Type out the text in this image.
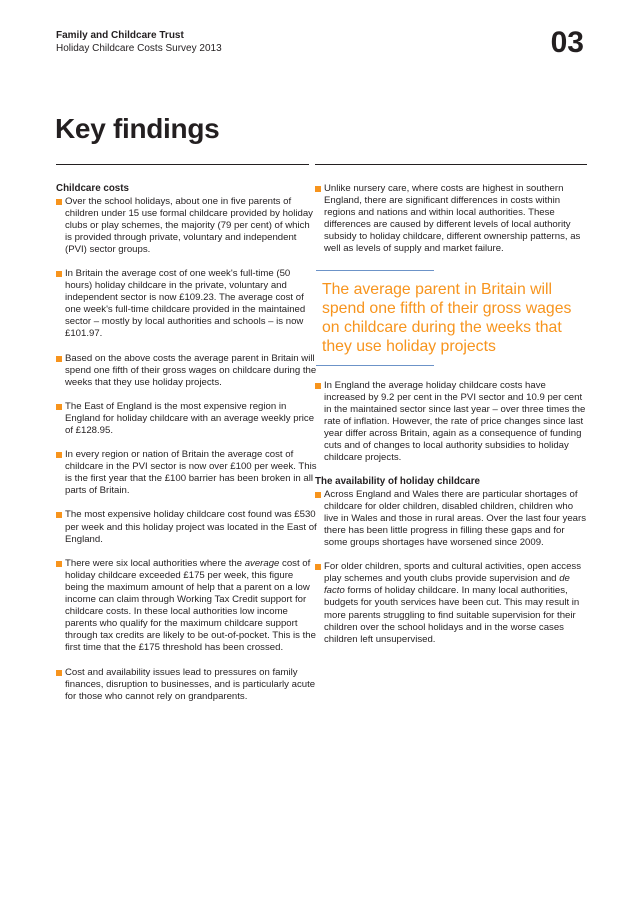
Family and Childcare Trust
Holiday Childcare Costs Survey 2013	03
Key findings
Childcare costs
Over the school holidays, about one in five parents of children under 15 use formal childcare provided by holiday clubs or play schemes, the majority (79 per cent) of which is provided through private, voluntary and independent (PVI) sector groups.
In Britain the average cost of one week's full-time (50 hours) holiday childcare in the private, voluntary and independent sector is now £109.23. The average cost of one week's full-time childcare provided in the maintained sector – mostly by local authorities and schools – is now £101.97.
Based on the above costs the average parent in Britain will spend one fifth of their gross wages on childcare during the weeks that they use holiday projects.
The East of England is the most expensive region in England for holiday childcare with an average weekly price of £128.95.
In every region or nation of Britain the average cost of childcare in the PVI sector is now over £100 per week. This is the first year that the £100 barrier has been broken in all parts of Britain.
The most expensive holiday childcare cost found was £530 per week and this holiday project was located in the East of England.
There were six local authorities where the average cost of holiday childcare exceeded £175 per week, this figure being the maximum amount of help that a parent on a low income can claim through Working Tax Credit support for childcare costs. In these local authorities low income parents who qualify for the maximum childcare support through tax credits are likely to be out-of-pocket. This is the first time that the £175 threshold has been crossed.
Cost and availability issues lead to pressures on family finances, disruption to businesses, and is particularly acute for those who cannot rely on grandparents.
Unlike nursery care, where costs are highest in southern England, there are significant differences in costs within regions and nations and within local authorities. These differences are caused by different levels of local authority subsidy to holiday childcare, different ownership patterns, as well as levels of supply and market failure.
The average parent in Britain will spend one fifth of their gross wages on childcare during the weeks that they use holiday projects
In England the average holiday childcare costs have increased by 9.2 per cent in the PVI sector and 10.9 per cent in the maintained sector since last year – over three times the rate of inflation. However, the rate of price changes since last year differ across Britain, again as a consequence of funding cuts and of changes to local authority subsidies to holiday childcare projects.
The availability of holiday childcare
Across England and Wales there are particular shortages of childcare for older children, disabled children, children who live in Wales and those in rural areas. Over the last four years there has been little progress in filling these gaps and for some groups shortages have worsened since 2009.
For older children, sports and cultural activities, open access play schemes and youth clubs provide supervision and de facto forms of holiday childcare. In many local authorities, budgets for youth services have been cut. This may result in more parents struggling to find suitable supervision for their children over the school holidays and in the worse cases children left unsupervised.
